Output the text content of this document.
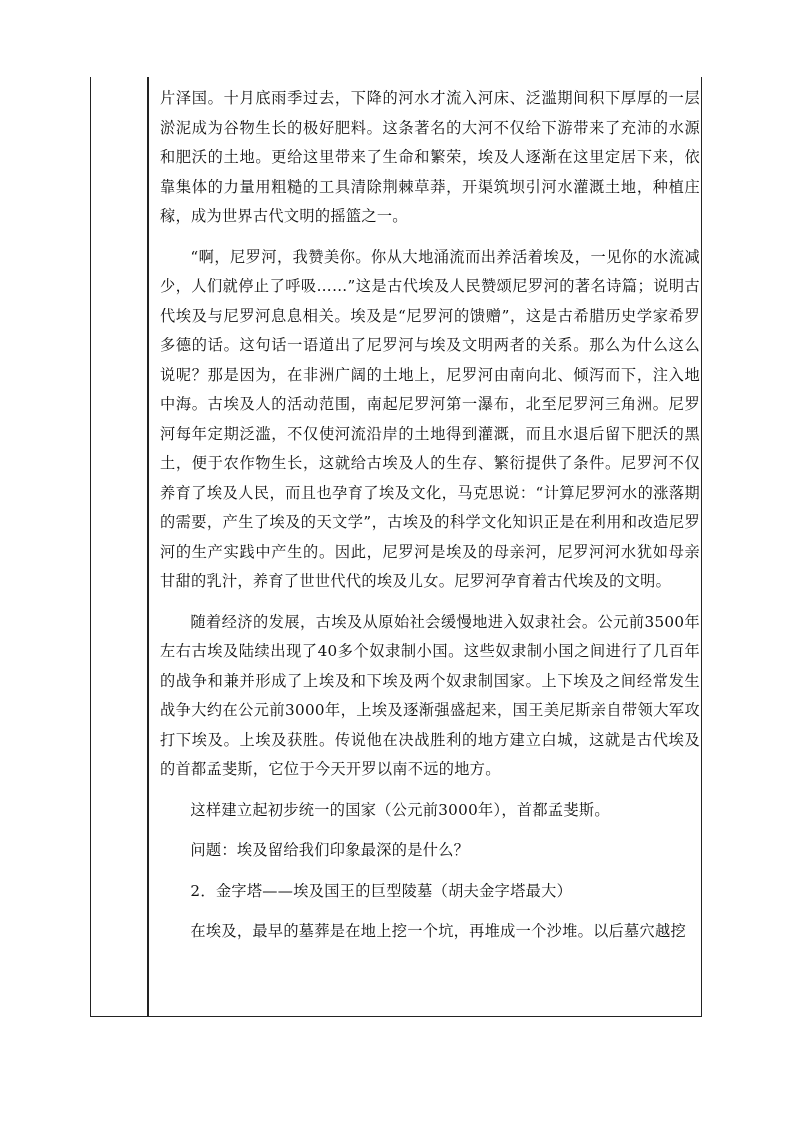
片泽国。十月底雨季过去，下降的河水才流入河床、泛滥期间积下厚厚的一层淤泥成为谷物生长的极好肥料。这条著名的大河不仅给下游带来了充沛的水源和肥沃的土地。更给这里带来了生命和繁荣，埃及人逐渐在这里定居下来，依靠集体的力量用粗糙的工具清除荆棘草莽，开渠筑坝引河水灌溉土地，种植庄稼，成为世界古代文明的摇篮之一。

“啊，尼罗河，我赞美你。你从大地涌流而出养活着埃及，一见你的水流减少，人们就停止了呼吸……”这是古代埃及人民赞颂尼罗河的著名诗篇；说明古代埃及与尼罗河息息相关。埃及是“尼罗河的馈赠”，这是古希腊历史学家希罗多德的话。这句话一语道出了尼罗河与埃及文明两者的关系。那么为什么这么说呢？那是因为，在非洲广阔的土地上，尼罗河由南向北、倾泻而下，注入地中海。古埃及人的活动范围，南起尼罗河第一瀑布，北至尼罗河三角洲。尼罗河每年定期泛滥，不仅使河流沿岸的土地得到灌溉，而且水退后留下肥沃的黑土，便于农作物生长，这就给古埃及人的生存、繁衍提供了条件。尼罗河不仅养育了埃及人民，而且也孕育了埃及文化，马克思说：“计算尼罗河水的涨落期的需要，产生了埃及的天文学”，古埃及的科学文化知识正是在利用和改造尼罗河的生产实践中产生的。因此，尼罗河是埃及的母亲河，尼罗河河水犹如母亲甘甜的乳汁，养育了世世代代的埃及儿女。尼罗河孕育着古代埃及的文明。

随着经济的发展，古埃及从原始社会缓慢地进入奴隶社会。公元前3500年左右古埃及陆续出现了40多个奴隶制小国。这些奴隶制小国之间进行了几百年的战争和兼并形成了上埃及和下埃及两个奴隶制国家。上下埃及之间经常发生战争大约在公元前3000年，上埃及逐渐强盛起来，国王美尼斯亲自带领大军攻打下埃及。上埃及获胜。传说他在决战胜利的地方建立白城，这就是古代埃及的首都孟斐斯，它位于今天开罗以南不远的地方。

这样建立起初步统一的国家（公元前3000年），首都孟斐斯。

问题：埃及留给我们印象最深的是什么？

2．金字塔——埃及国王的巨型陵墓（胡夫金字塔最大）

在埃及，最早的墓葬是在地上挖一个坑，再堆成一个沙堆。以后墓穴越挖
